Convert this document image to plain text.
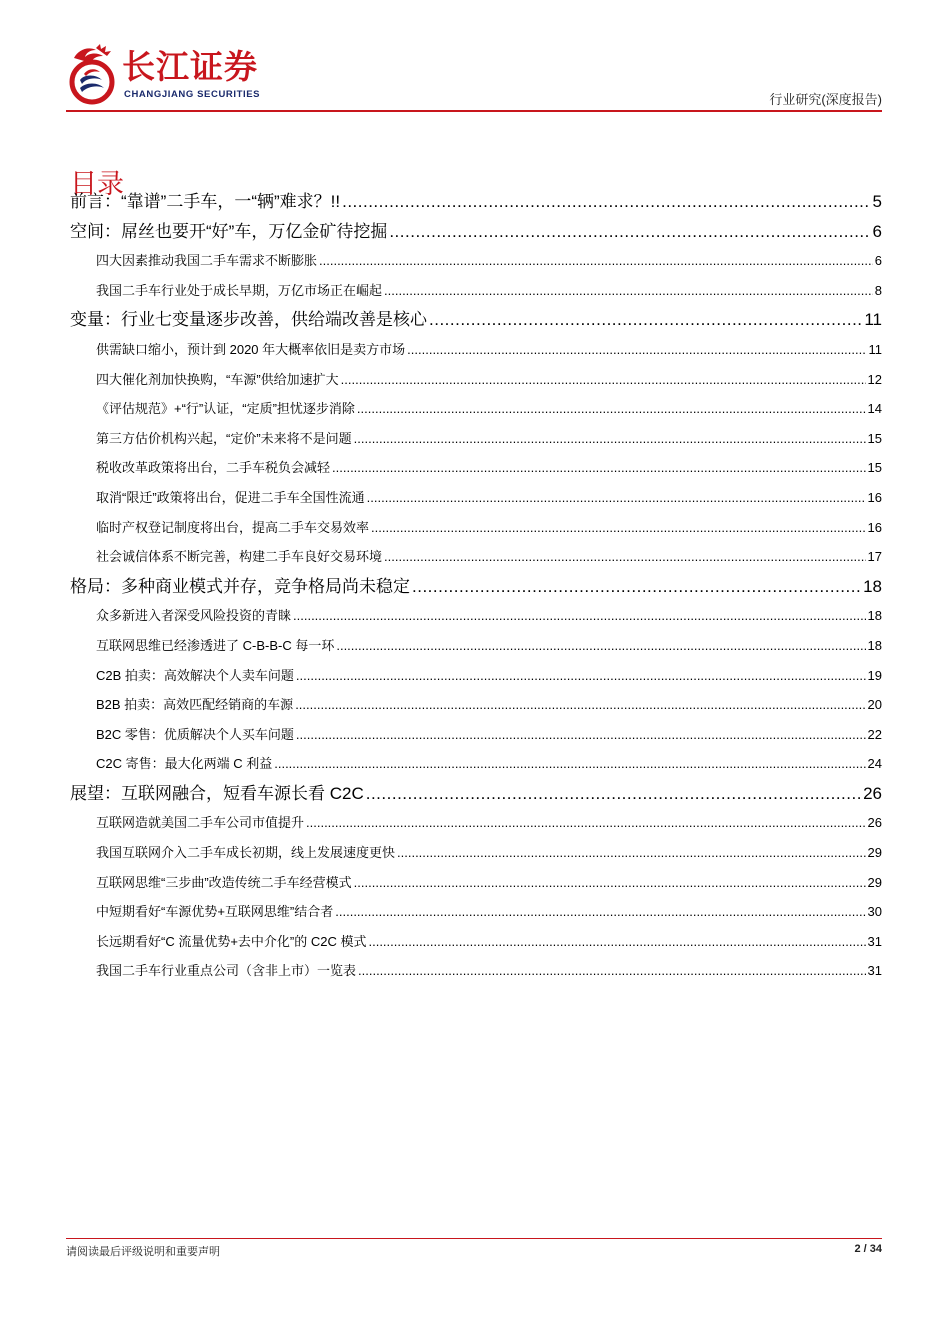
长江证券
CHANGJIANG SECURITIES	行业研究(深度报告)
目录
前言：“靠谱”二手车，一“辆”难求？!! .....	5
空间：屌丝也要开“好”车，万亿金矿待挖掘 .....	6
四大因素推动我国二手车需求不断膨胀 .....	6
我国二手车行业处于成长早期，万亿市场正在崛起 .....	8
变量：行业七变量逐步改善，供给端改善是核心 .....	11
供需缺口缩小，预计到 2020 年大概率依旧是卖方市场 .....	11
四大催化剂加快换购，“车源”供给加速扩大 .....	12
《评估规范》+“行”认证，“定质”担忧逐步消除 .....	14
第三方估价机构兴起，“定价”未来将不是问题 .....	15
税收改革政策将出台，二手车税负会减轻 .....	15
取消“限迁”政策将出台，促进二手车全国性流通 .....	16
临时产权登记制度将出台，提高二手车交易效率 .....	16
社会诚信体系不断完善，构建二手车良好交易环境 .....	17
格局：多种商业模式并存，竞争格局尚未稳定 .....	18
众多新进入者深受风险投资的青睐 .....	18
互联网思维已经渗透进了 C-B-B-C 每一环 .....	18
C2B 拍卖：高效解决个人卖车问题 .....	19
B2B 拍卖：高效匹配经销商的车源 .....	20
B2C 零售：优质解决个人买车问题 .....	22
C2C 寄售：最大化两端 C 利益 .....	24
展望：互联网融合，短看车源长看 C2C .....	26
互联网造就美国二手车公司市值提升 .....	26
我国互联网介入二手车成长初期，线上发展速度更快 .....	29
互联网思维“三步曲”改造传统二手车经营模式 .....	29
中短期看好“车源优势+互联网思维”结合者 .....	30
长远期看好“C 流量优势+去中介化”的 C2C 模式 .....	31
我国二手车行业重点公司（含非上市）一览表 .....	31
请阅读最后评级说明和重要声明	2 / 34
